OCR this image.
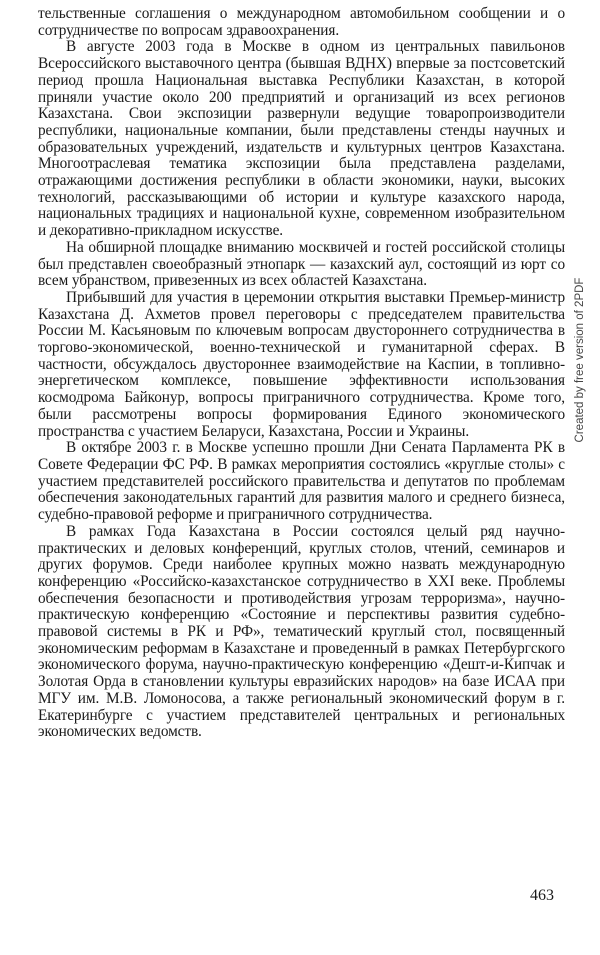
тельственные соглашения о международном автомобильном сообщении и о сотрудничестве по вопросам здравоохранения.

В августе 2003 года в Москве в одном из центральных павильонов Всероссийского выставочного центра (бывшая ВДНХ) впервые за постсоветский период прошла Национальная выставка Республики Казахстан, в которой приняли участие около 200 предприятий и организаций из всех регионов Казахстана. Свои экспозиции развернули ведущие товаропроизводители республики, национальные компании, были представлены стенды научных и образовательных учреждений, издательств и культурных центров Казахстана. Многоотраслевая тематика экспозиции была представлена разделами, отражающими достижения республики в области экономики, науки, высоких технологий, рассказывающими об истории и культуре казахского народа, национальных традициях и национальной кухне, современном изобразительном и декоративно-прикладном искусстве.

На обширной площадке вниманию москвичей и гостей российской столицы был представлен своеобразный этнопарк — казахский аул, состоящий из юрт со всем убранством, привезенных из всех областей Казахстана.

Прибывший для участия в церемонии открытия выставки Премьер-министр Казахстана Д. Ахметов провел переговоры с председателем правительства России М. Касьяновым по ключевым вопросам двустороннего сотрудничества в торгово-экономической, военно-технической и гуманитарной сферах. В частности, обсуждалось двустороннее взаимодействие на Каспии, в топливно-энергетическом комплексе, повышение эффективности использования космодрома Байконур, вопросы приграничного сотрудничества. Кроме того, были рассмотрены вопросы формирования Единого экономического пространства с участием Беларуси, Казахстана, России и Украины.

В октябре 2003 г. в Москве успешно прошли Дни Сената Парламента РК в Совете Федерации ФС РФ. В рамках мероприятия состоялись «круглые столы» с участием представителей российского правительства и депутатов по проблемам обеспечения законодательных гарантий для развития малого и среднего бизнеса, судебно-правовой реформе и приграничного сотрудничества.

В рамках Года Казахстана в России состоялся целый ряд научно-практических и деловых конференций, круглых столов, чтений, семинаров и других форумов. Среди наиболее крупных можно назвать международную конференцию «Российско-казахстанское сотрудничество в XXI веке. Проблемы обеспечения безопасности и противодействия угрозам терроризма», научно-практическую конференцию «Состояние и перспективы развития судебно-правовой системы в РК и РФ», тематический круглый стол, посвященный экономическим реформам в Казахстане и проведенный в рамках Петербургского экономического форума, научно-практическую конференцию «Дешт-и-Кипчак и Золотая Орда в становлении культуры евразийских народов» на базе ИСАА при МГУ им. М.В. Ломоносова, а также региональный экономический форум в г. Екатеринбурге с участием представителей центральных и региональных экономических ведомств.

Created by free version of 2PDF
463
